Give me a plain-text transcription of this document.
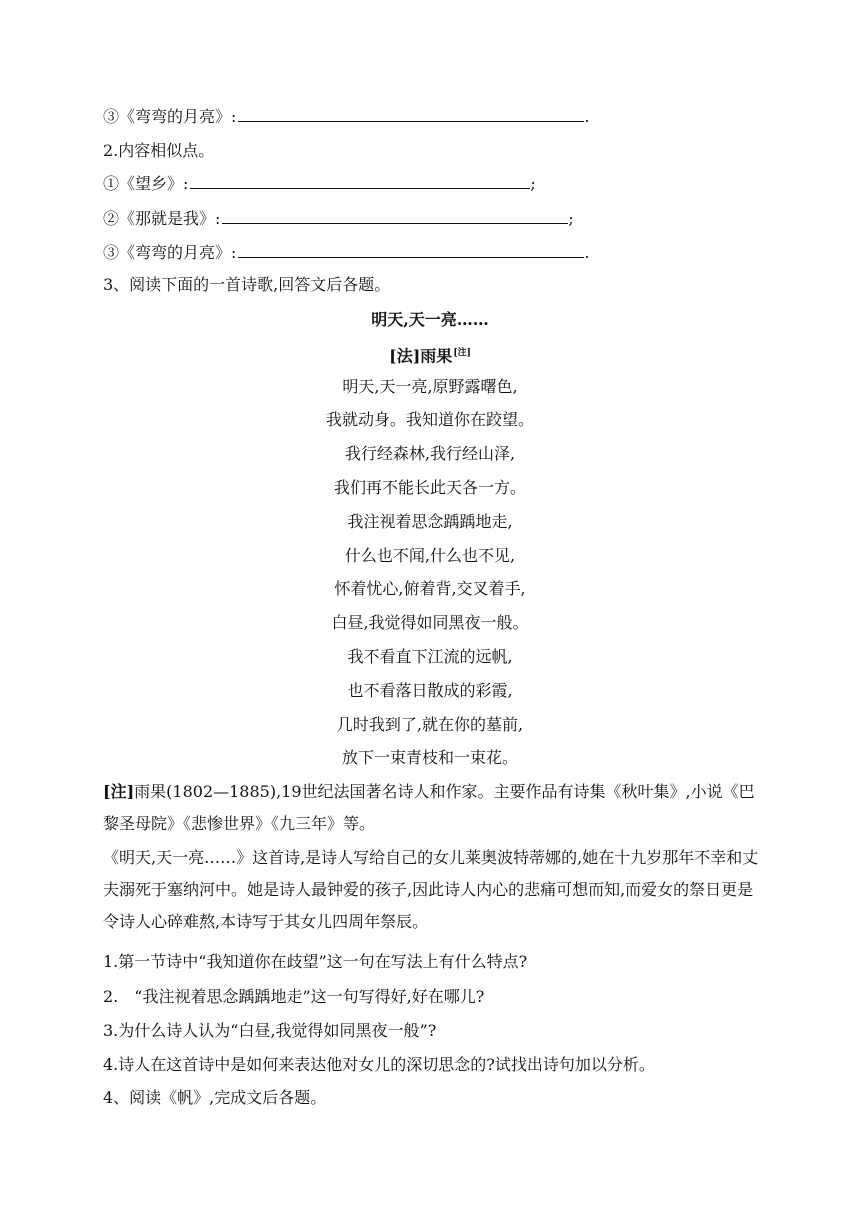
③《弯弯的月亮》:	.
2.内容相似点。
①《望乡》:	;
②《那就是我》:	;
③《弯弯的月亮》:	.
3、阅读下面的一首诗歌,回答文后各题。
明天,天一亮……
[法]雨果[注]
明天,天一亮,原野露曙色,
我就动身。我知道你在跤望。
我行经森林,我行经山泽,
我们再不能长此天各一方。
我注视着思念踽踽地走,
什么也不闻,什么也不见,
怀着忧心,俯着背,交叉着手,
白昼,我觉得如同黑夜一般。
我不看直下江流的远帆,
也不看落日散成的彩霞,
几时我到了,就在你的墓前,
放下一束青枝和一束花。
[注]雨果(1802—1885),19世纪法国著名诗人和作家。主要作品有诗集《秋叶集》,小说《巴黎圣母院》《悲惨世界》《九三年》等。
《明天,天一亮……》这首诗,是诗人写给自己的女儿莱奥波特蒂娜的,她在十九岁那年不幸和丈夫溺死于塞纳河中。她是诗人最钟爱的孩子,因此诗人内心的悲痛可想而知,而爱女的祭日更是令诗人心碎难熬,本诗写于其女儿四周年祭辰。
1.第一节诗中“我知道你在歧望”这一句在写法上有什么特点?
2.　“我注视着思念踽踽地走”这一句写得好,好在哪儿?
3.为什么诗人认为“白昼,我觉得如同黑夜一般”?
4.诗人在这首诗中是如何来表达他对女儿的深切思念的?试找出诗句加以分析。
4、阅读《帆》,完成文后各题。
